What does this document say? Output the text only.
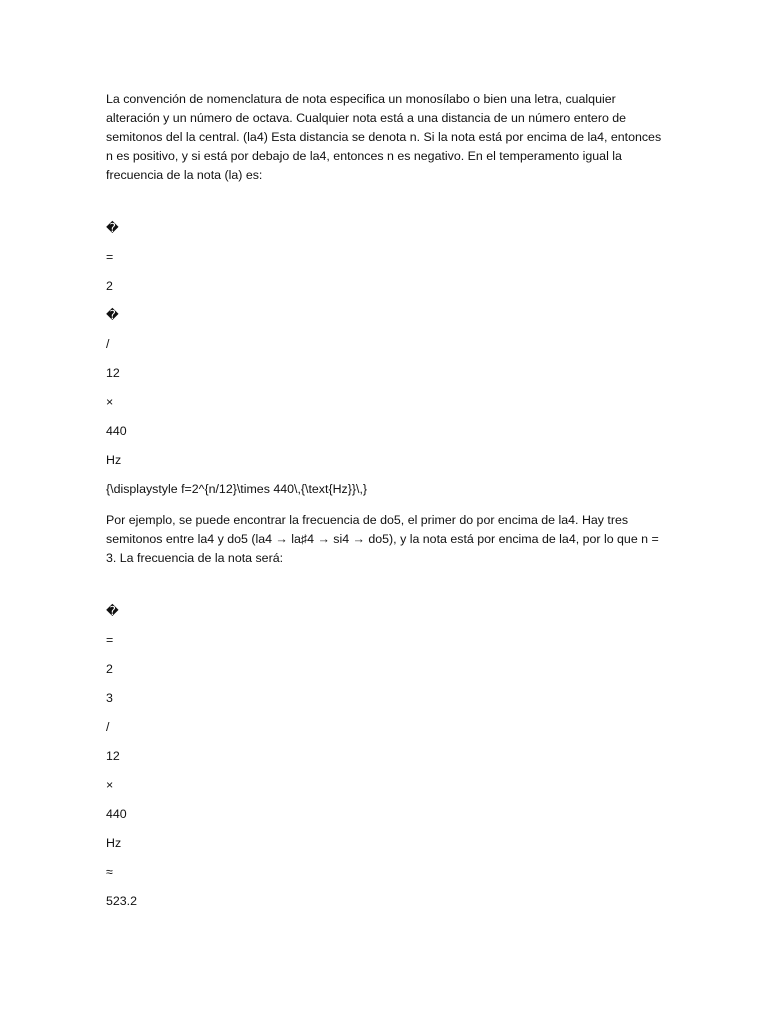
La convención de nomenclatura de nota especifica un monosílabo o bien una letra, cualquier alteración y un número de octava. Cualquier nota está a una distancia de un número entero de semitonos del la central. (la4) Esta distancia se denota n. Si la nota está por encima de la4, entonces n es positivo, y si está por debajo de la4, entonces n es negativo. En el temperamento igual la frecuencia de la nota (la) es:

�

=

2

�

/

12

×

440

Hz

{\displaystyle f=2^{n/12}\times 440\,{\text{Hz}}\,}

Por ejemplo, se puede encontrar la frecuencia de do5, el primer do por encima de la4. Hay tres semitonos entre la4 y do5 (la4 → la♯4 → si4 → do5), y la nota está por encima de la4, por lo que n = 3. La frecuencia de la nota será:

�

=

2

3

/

12

×

440

Hz

≈

523.2
